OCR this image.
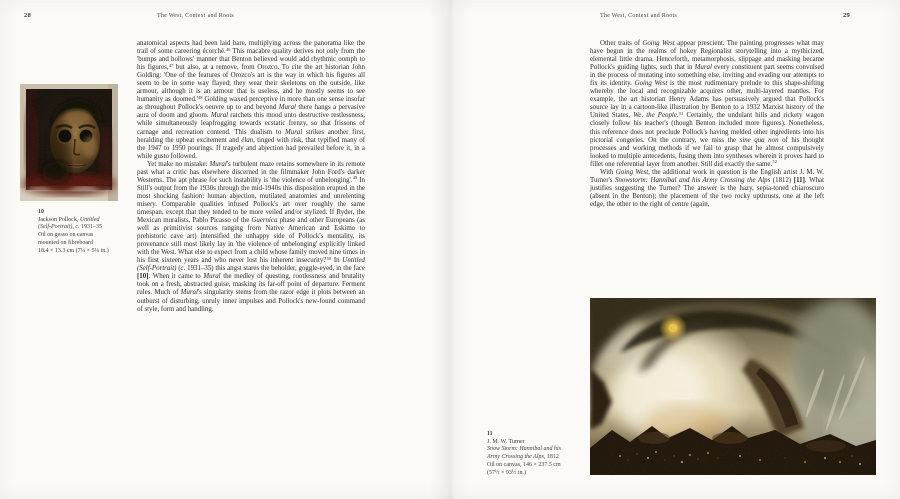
28	The West, Context and Roots
10
Jackson Pollock, Untitled
(Self-Portrait), c. 1931–35
Oil on gesso on canvas
mounted on fibreboard
18.4 × 13.3 cm (7¼ × 5¼ in.)

anatomical aspects had been laid bare, multiplying across the panorama like the trail of some careering écorché.$^{46}$ This macabre quality derives not only from the 'bumps and hollows' manner that Benton believed would add rhythmic oomph to his figures,$^{47}$ but also, at a remove, from Orozco. To cite the art historian John Golding: 'One of the features of Orozco's art is the way in which his figures all seem to be in some way flayed; they wear their skeletons on the outside, like armour, although it is an armour that is useless, and he mostly seems to see humanity as $doomed.'^{48}$ Golding waxed perceptive in more than one sense insofar as throughout Pollock's oeuvre up to and beyond Mural there hangs a pervasive aura of doom and gloom. Mural ratchets this mood unto destructive restlessness, while simultaneously leapfrogging towards ecstatic frenzy, so that frissons of carnage and recreation contend. This dualism to Mural strikes another first, heralding the upbeat excitement and élan, tinged with risk, that typified many of the 1947 to 1950 pourings. If tragedy and abjection had prevailed before it, in a while gusto followed.

Yet make no mistake: Mural's turbulent maze retains somewhere in its remote past what a critic has elsewhere discerned in the filmmaker John Ford's darker Westerns. The apt phrase for such instability is 'the violence of unbelonging'.$^{49}$ In Still's output from the 1930s through the mid-1940s this disposition erupted in the most shocking fashion: human abjection, mutilated anatomies and unrelenting misery. Comparable qualities infused Pollock's art over roughly the same timespan, except that they tended to be more veiled and/or stylized. If Ryder, the Mexican muralists, Pablo Picasso of the Guernica phase and other Europeans (as well as primitivist sources ranging from Native American and Eskimo to prehistoric cave art) intensified the unhappy side of Pollock's mentality, its provenance still most likely lay in 'the violence of unbelonging' explicitly linked with the West. What else to expect from a child whose family moved nine times in his first sixteen years and who never lost his inherent insecurity?$^{50}$ In Untitled (Self-Portrait) (c. 1931–35) this angst stares the beholder, goggle-eyed, in the face [10]. When it came to Mural the medley of questing, rootlessness and brutality took on a fresh, abstracted guise, masking its far-off point of departure. Ferment rules. Much of Mural's singularity stems from the razor edge it plots between an outburst of disturbing, unruly inner impulses and Pollock's new-found command of style, form and handling.

The West, Context and Roots	29

Other traits of Going West appear prescient. The painting progresses what may have begun in the realms of hokey Regionalist storytelling into a mythicized, elemental little drama. Henceforth, metamorphosis, slippage and masking became Pollock's guiding lights, such that in Mural every constituent part seems convulsed in the process of mutating into something else, inviting and evading our attempts to fix its identity. Going West is the most rudimentary prelude to this shape-shifting whereby the local and recognizable acquires other, multi-layered mantles. For example, the art historian Henry Adams has persuasively argued that Pollock's source lay in a cartoon-like illustration by Benton to a 1932 Marxist history of the United States, We, the People.$^{51}$ Certainly, the undulant hills and rickety wagon closely follow his teacher's (though Benton included more figures). Nonetheless, this reference does not preclude Pollock's having melded other ingredients into his pictorial congeries. On the contrary, we miss the sine qua non of his thought processes and working methods if we fail to grasp that he almost compulsively looked to multiple antecedents, fusing them into syntheses wherein it proves hard to fillet one referential layer from another. Still did exactly the same.$^{52}$

With Going West, the additional work in question is the English artist J. M. W. Turner's Snowstorm: Hannibal and his Army Crossing the Alps (1812) [11]. What justifies suggesting the Turner? The answer is the hazy, sepia-toned chiaroscuro (absent in the Benton); the placement of the two rocky upthrusts, one at the left edge, the other to the right of centre (again,

11
J. M. W. Turner
Snow Storm: Hannibal and his
Army Crossing the Alps, 1812
Oil on canvas, 146 × 237.5 cm
(57½ × 93½ in.)
